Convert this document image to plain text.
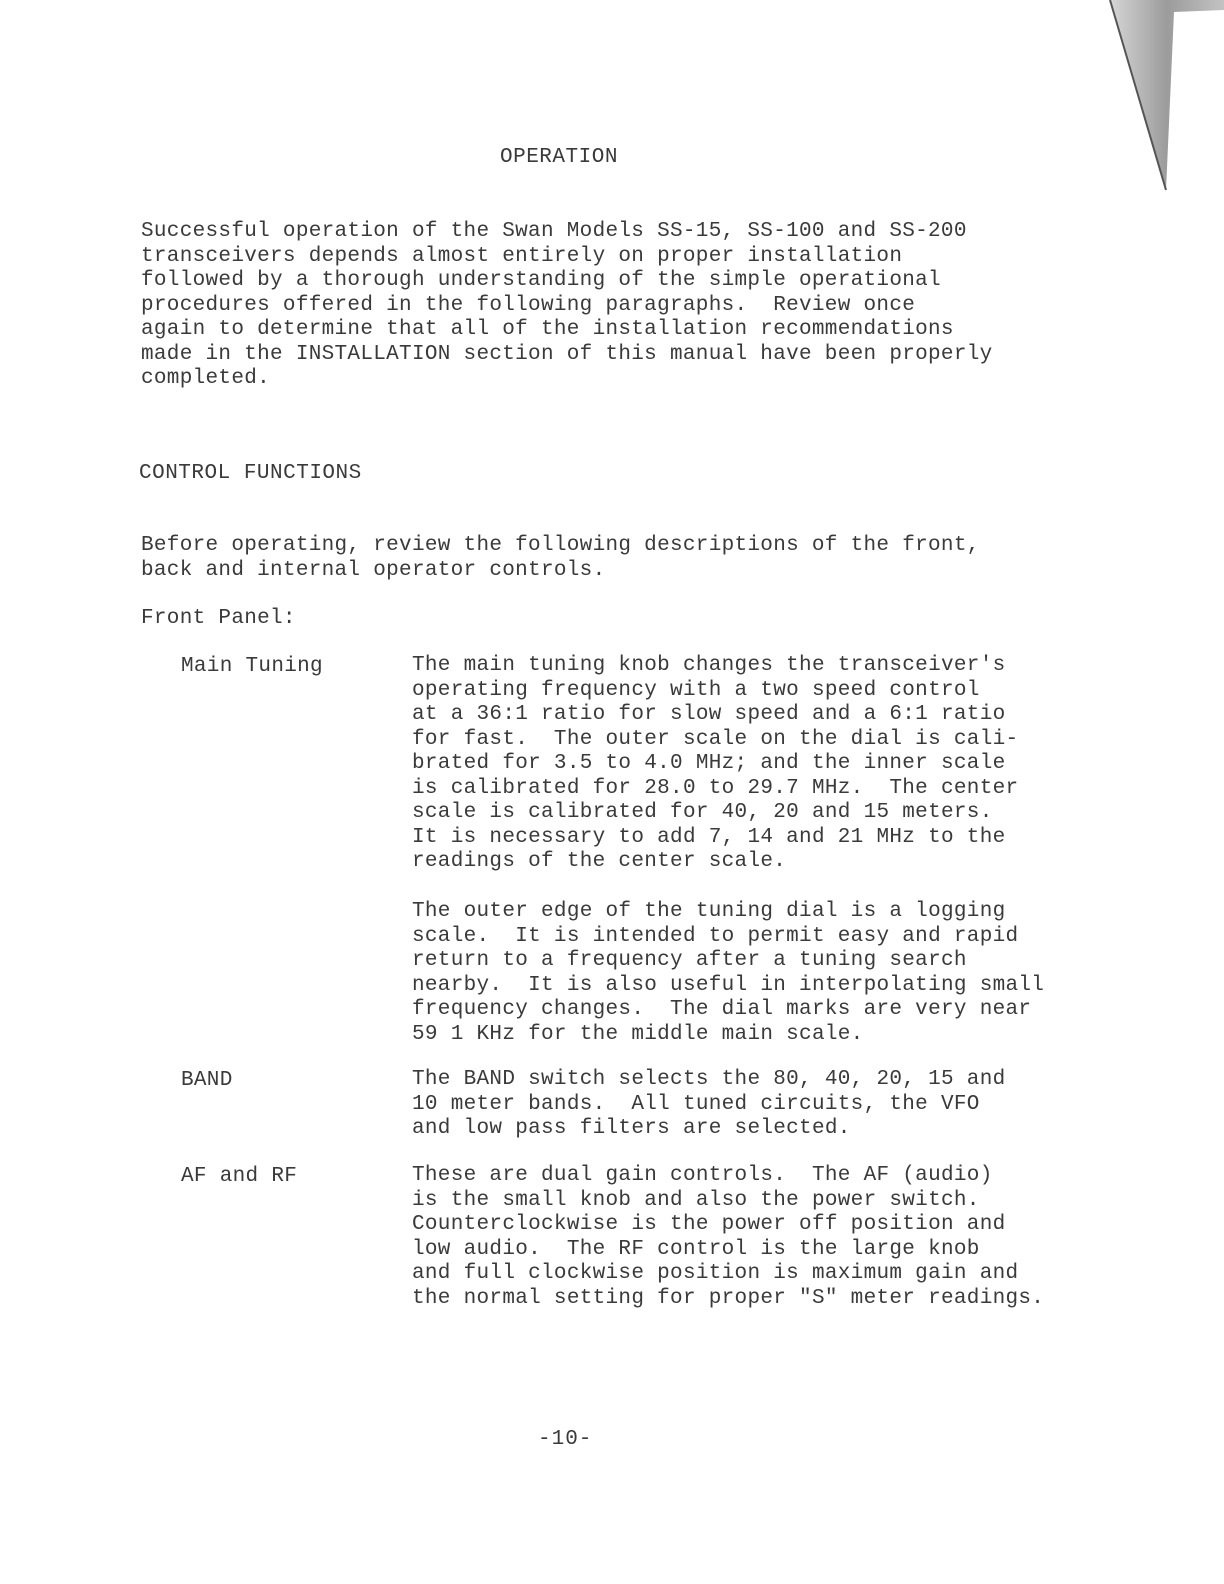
OPERATION
Successful operation of the Swan Models SS-15, SS-100 and SS-200
transceivers depends almost entirely on proper installation
followed by a thorough understanding of the simple operational
procedures offered in the following paragraphs.  Review once
again to determine that all of the installation recommendations
made in the INSTALLATION section of this manual have been properly
completed.
CONTROL FUNCTIONS
Before operating, review the following descriptions of the front,
back and internal operator controls.
Front Panel:
Main Tuning	The main tuning knob changes the transceiver's
operating frequency with a two speed control
at a 36:1 ratio for slow speed and a 6:1 ratio
for fast.  The outer scale on the dial is cali-
brated for 3.5 to 4.0 MHz; and the inner scale
is calibrated for 28.0 to 29.7 MHz.  The center
scale is calibrated for 40, 20 and 15 meters.
It is necessary to add 7, 14 and 21 MHz to the
readings of the center scale.
The outer edge of the tuning dial is a logging
scale.  It is intended to permit easy and rapid
return to a frequency after a tuning search
nearby.  It is also useful in interpolating small
frequency changes.  The dial marks are very near
59 1 KHz for the middle main scale.
BAND	The BAND switch selects the 80, 40, 20, 15 and
10 meter bands.  All tuned circuits, the VFO
and low pass filters are selected.
AF and RF	These are dual gain controls.  The AF (audio)
is the small knob and also the power switch.
Counterclockwise is the power off position and
low audio.  The RF control is the large knob
and full clockwise position is maximum gain and
the normal setting for proper "S" meter readings.
-10-
